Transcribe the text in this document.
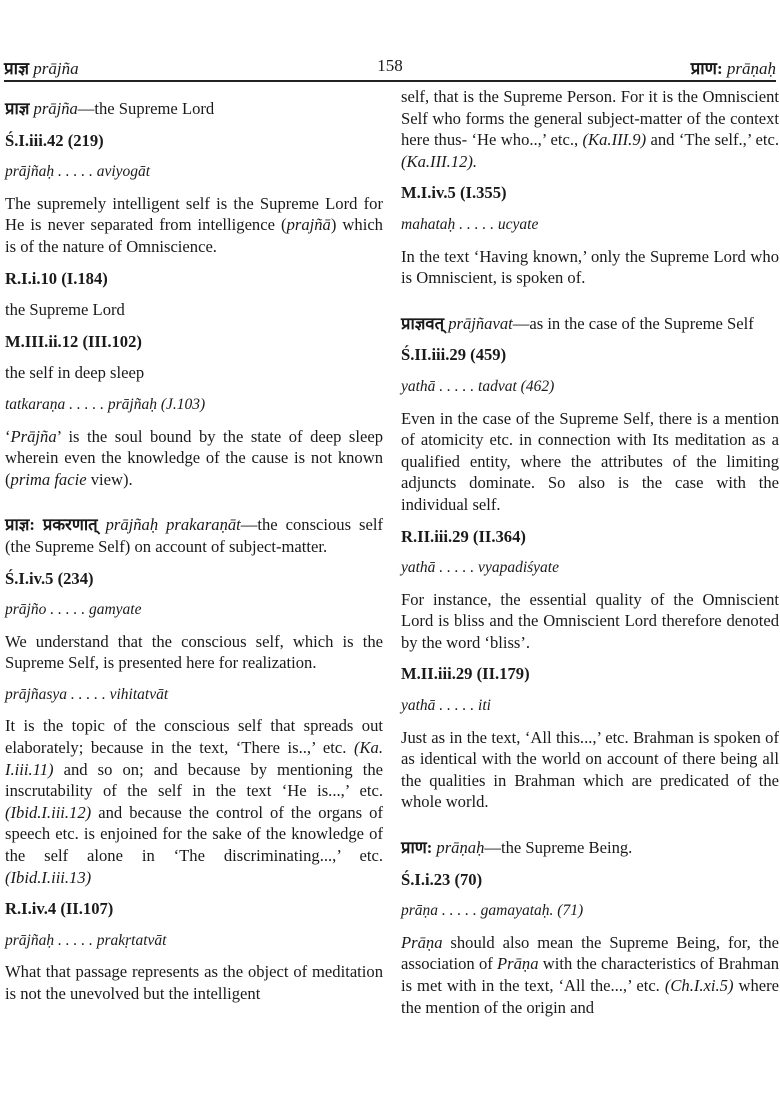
प्राज्ञ prājña	158	प्राण: prāṇaḥ

प्राज्ञ prājña—the Supreme Lord

Ś.I.iii.42 (219)

prājñaḥ . . . . . aviyogāt

The supremely intelligent self is the Supreme Lord for He is never separated from intelligence (prajñā) which is of the nature of Omniscience.

R.I.i.10 (I.184)

the Supreme Lord

M.III.ii.12 (III.102)

the self in deep sleep

tatkaraṇa . . . . . prājñaḥ (J.103)

‘Prājña’ is the soul bound by the state of deep sleep wherein even the knowledge of the cause is not known (prima facie view).

प्राज्ञ: प्रकरणात् prājñaḥ prakaraṇāt—the conscious self (the Supreme Self) on account of subject-matter.

Ś.I.iv.5 (234)

prājño . . . . . gamyate

We understand that the conscious self, which is the Supreme Self, is presented here for realization.

prājñasya . . . . . vihitatvāt

It is the topic of the conscious self that spreads out elaborately; because in the text, ‘There is..,’ etc. (Ka. I.iii.11) and so on; and because by mentioning the inscrutability of the self in the text ‘He is...,’ etc. (Ibid.I.iii.12) and because the control of the organs of speech etc. is enjoined for the sake of the knowledge of the self alone in ‘The discriminating...,’ etc. (Ibid.I.iii.13)

R.I.iv.4 (II.107)

prājñaḥ . . . . . prakṛtatvāt

What that passage represents as the object of meditation is not the unevolved but the intelligent

self, that is the Supreme Person. For it is the Omniscient Self who forms the general subject-matter of the context here thus- ‘He who..,’ etc., (Ka.III.9) and ‘The self.,’ etc. (Ka.III.12).

M.I.iv.5 (I.355)

mahataḥ . . . . . ucyate

In the text ‘Having known,’ only the Supreme Lord who is Omniscient, is spoken of.

प्राज्ञवत् prājñavat—as in the case of the Supreme Self

Ś.II.iii.29 (459)

yathā . . . . . tadvat (462)

Even in the case of the Supreme Self, there is a mention of atomicity etc. in connection with Its meditation as a qualified entity, where the attributes of the limiting adjuncts dominate. So also is the case with the individual self.

R.II.iii.29 (II.364)

yathā . . . . . vyapadiśyate

For instance, the essential quality of the Omniscient Lord is bliss and the Omniscient Lord therefore denoted by the word ‘bliss’.

M.II.iii.29 (II.179)

yathā . . . . . iti

Just as in the text, ‘All this...,’ etc. Brahman is spoken of as identical with the world on account of there being all the qualities in Brahman which are predicated of the whole world.

प्राण: prāṇaḥ—the Supreme Being.

Ś.I.i.23 (70)

prāṇa . . . . . gamayataḥ. (71)

Prāṇa should also mean the Supreme Being, for, the association of Prāṇa with the characteristics of Brahman is met with in the text, ‘All the...,’ etc. (Ch.I.xi.5) where the mention of the origin and
